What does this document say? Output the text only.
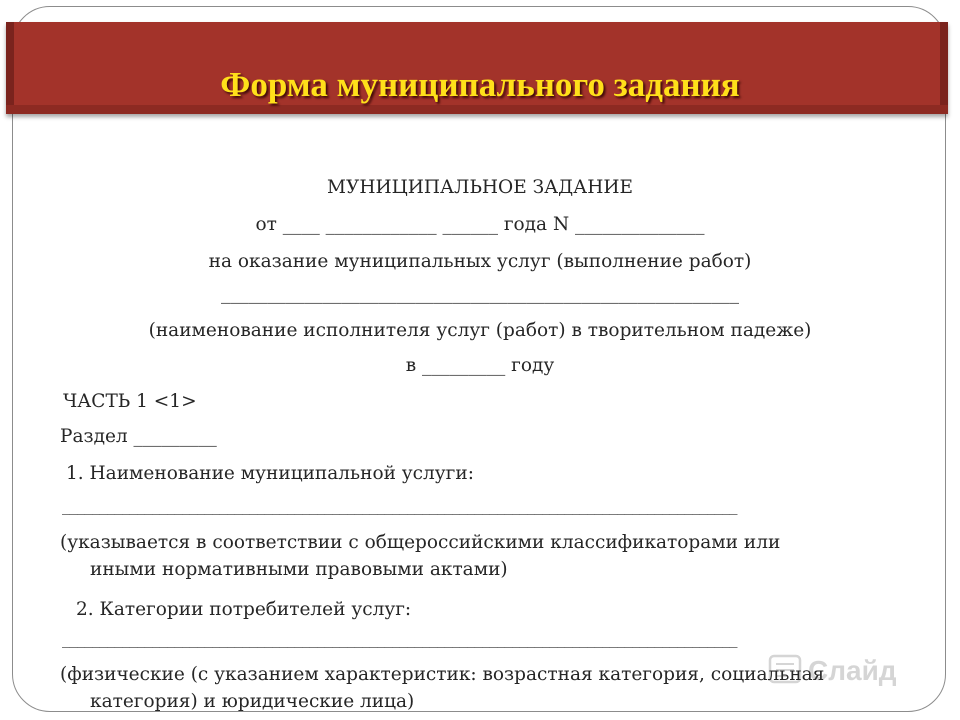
Форма муниципального задания
МУНИЦИПАЛЬНОЕ ЗАДАНИЕ
от ____ ____________ ______ года N ______________
на оказание муниципальных услуг (выполнение работ)
________________________________________________________
(наименование исполнителя услуг (работ) в творительном падеже)
в _________ году
ЧАСТЬ 1 <1>
Раздел _________
1. Наименование муниципальной услуги:
__________________________________________________________________________________________
(указывается в соответствии с общероссийскими классификаторами или
иными нормативными правовыми актами)
2. Категории потребителей услуг:
__________________________________________________________________________________________
(физические (с указанием характеристик: возрастная категория, социальная
категория) и юридические лица)
Слайд
